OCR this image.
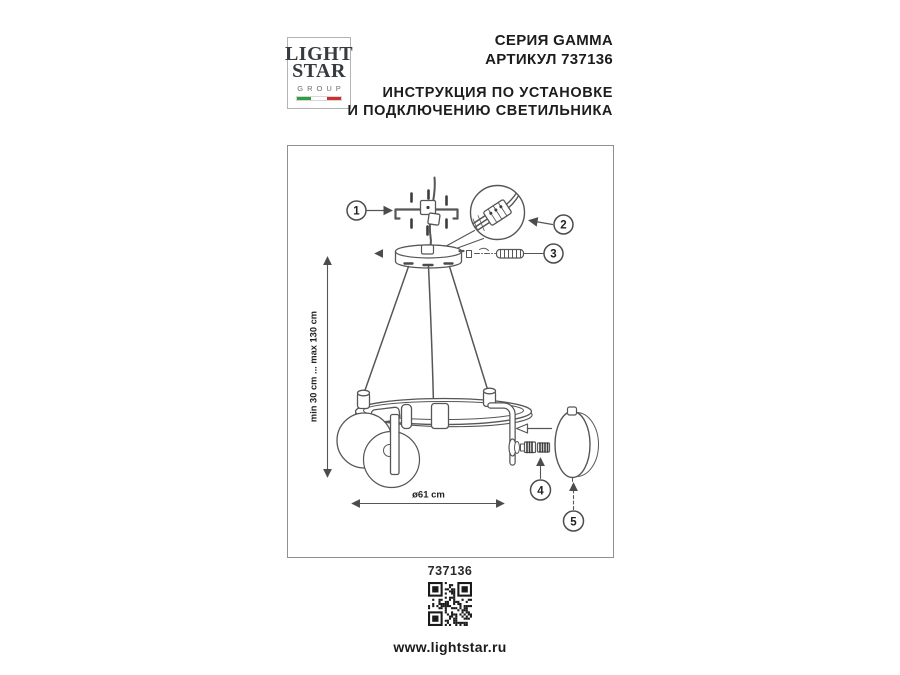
LIGHT
STAR
GROUP
СЕРИЯ GAMMA
АРТИКУЛ 737136
ИНСТРУКЦИЯ ПО УСТАНОВКЕ
И ПОДКЛЮЧЕНИЮ СВЕТИЛЬНИКА
1
2
3
min 30 cm ... max 130 cm
4
5
ø61 cm
737136
www.lightstar.ru
